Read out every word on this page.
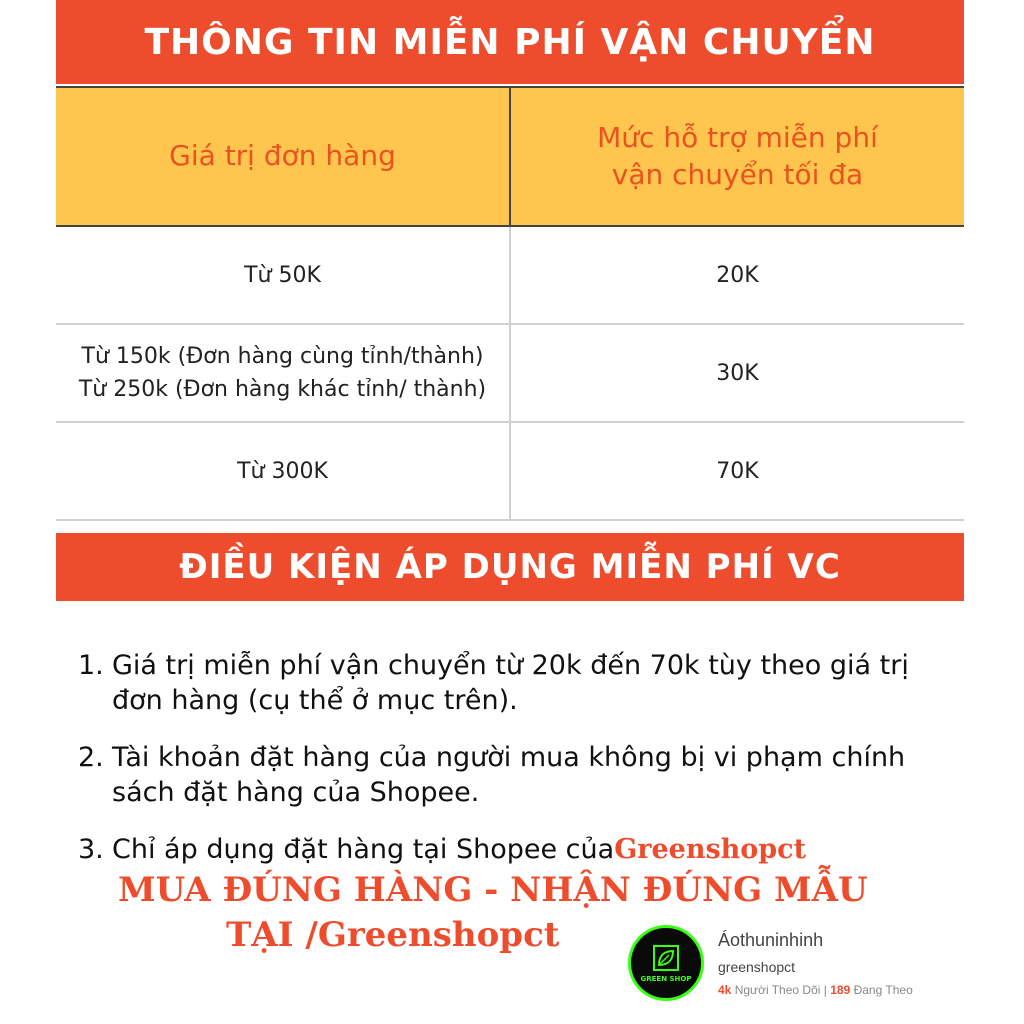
THÔNG TIN MIỄN PHÍ VẬN CHUYỂN
Giá trị đơn hàng	Mức hỗ trợ miễn phí
vận chuyển tối đa

Từ 50K	20K

Từ 150k (Đơn hàng cùng tỉnh/thành)
Từ 250k (Đơn hàng khác tỉnh/ thành)	30K

Từ 300K	70K
ĐIỀU KIỆN ÁP DỤNG MIỄN PHÍ VC
1. Giá trị miễn phí vận chuyển từ 20k đến 70k tùy theo giá trị đơn hàng (cụ thể ở mục trên).
2. Tài khoản đặt hàng của người mua không bị vi phạm chính sách đặt hàng của Shopee.
3. Chỉ áp dụng đặt hàng tại Shopee củaGreenshopct
MUA ĐÚNG HÀNG - NHẬN ĐÚNG MẪU
TẠI /Greenshopct
GREEN SHOP
Áothuninhinh
greenshopct
4k Người Theo Dõi | 189 Đang Theo
